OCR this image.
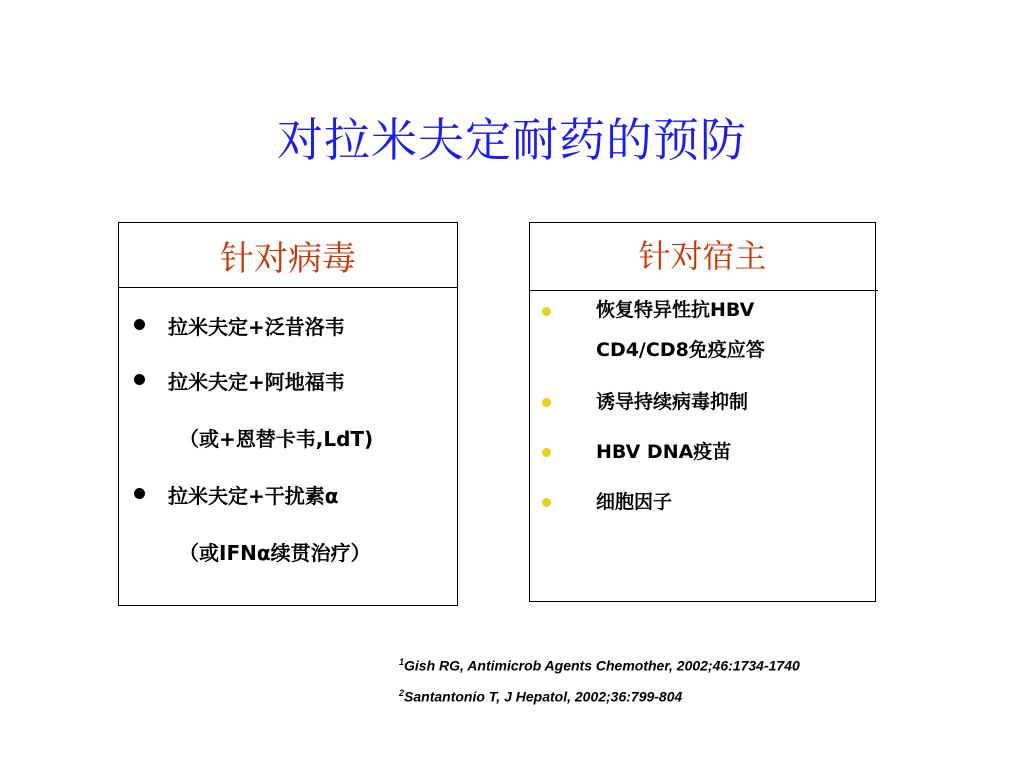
对拉米夫定耐药的预防
针对病毒
拉米夫定+泛昔洛韦
拉米夫定+阿地福韦
（或+恩替卡韦,LdT)
拉米夫定+干扰素α
（或IFNα续贯治疗）
针对宿主
恢复特异性抗HBV
CD4/CD8免疫应答
诱导持续病毒抑制
HBV DNA疫苗
细胞因子
$^1$Gish RG, Antimicrob Agents Chemother, 2002;46:1734-1740
$^2$Santantonio T, J Hepatol, 2002;36:799-804
